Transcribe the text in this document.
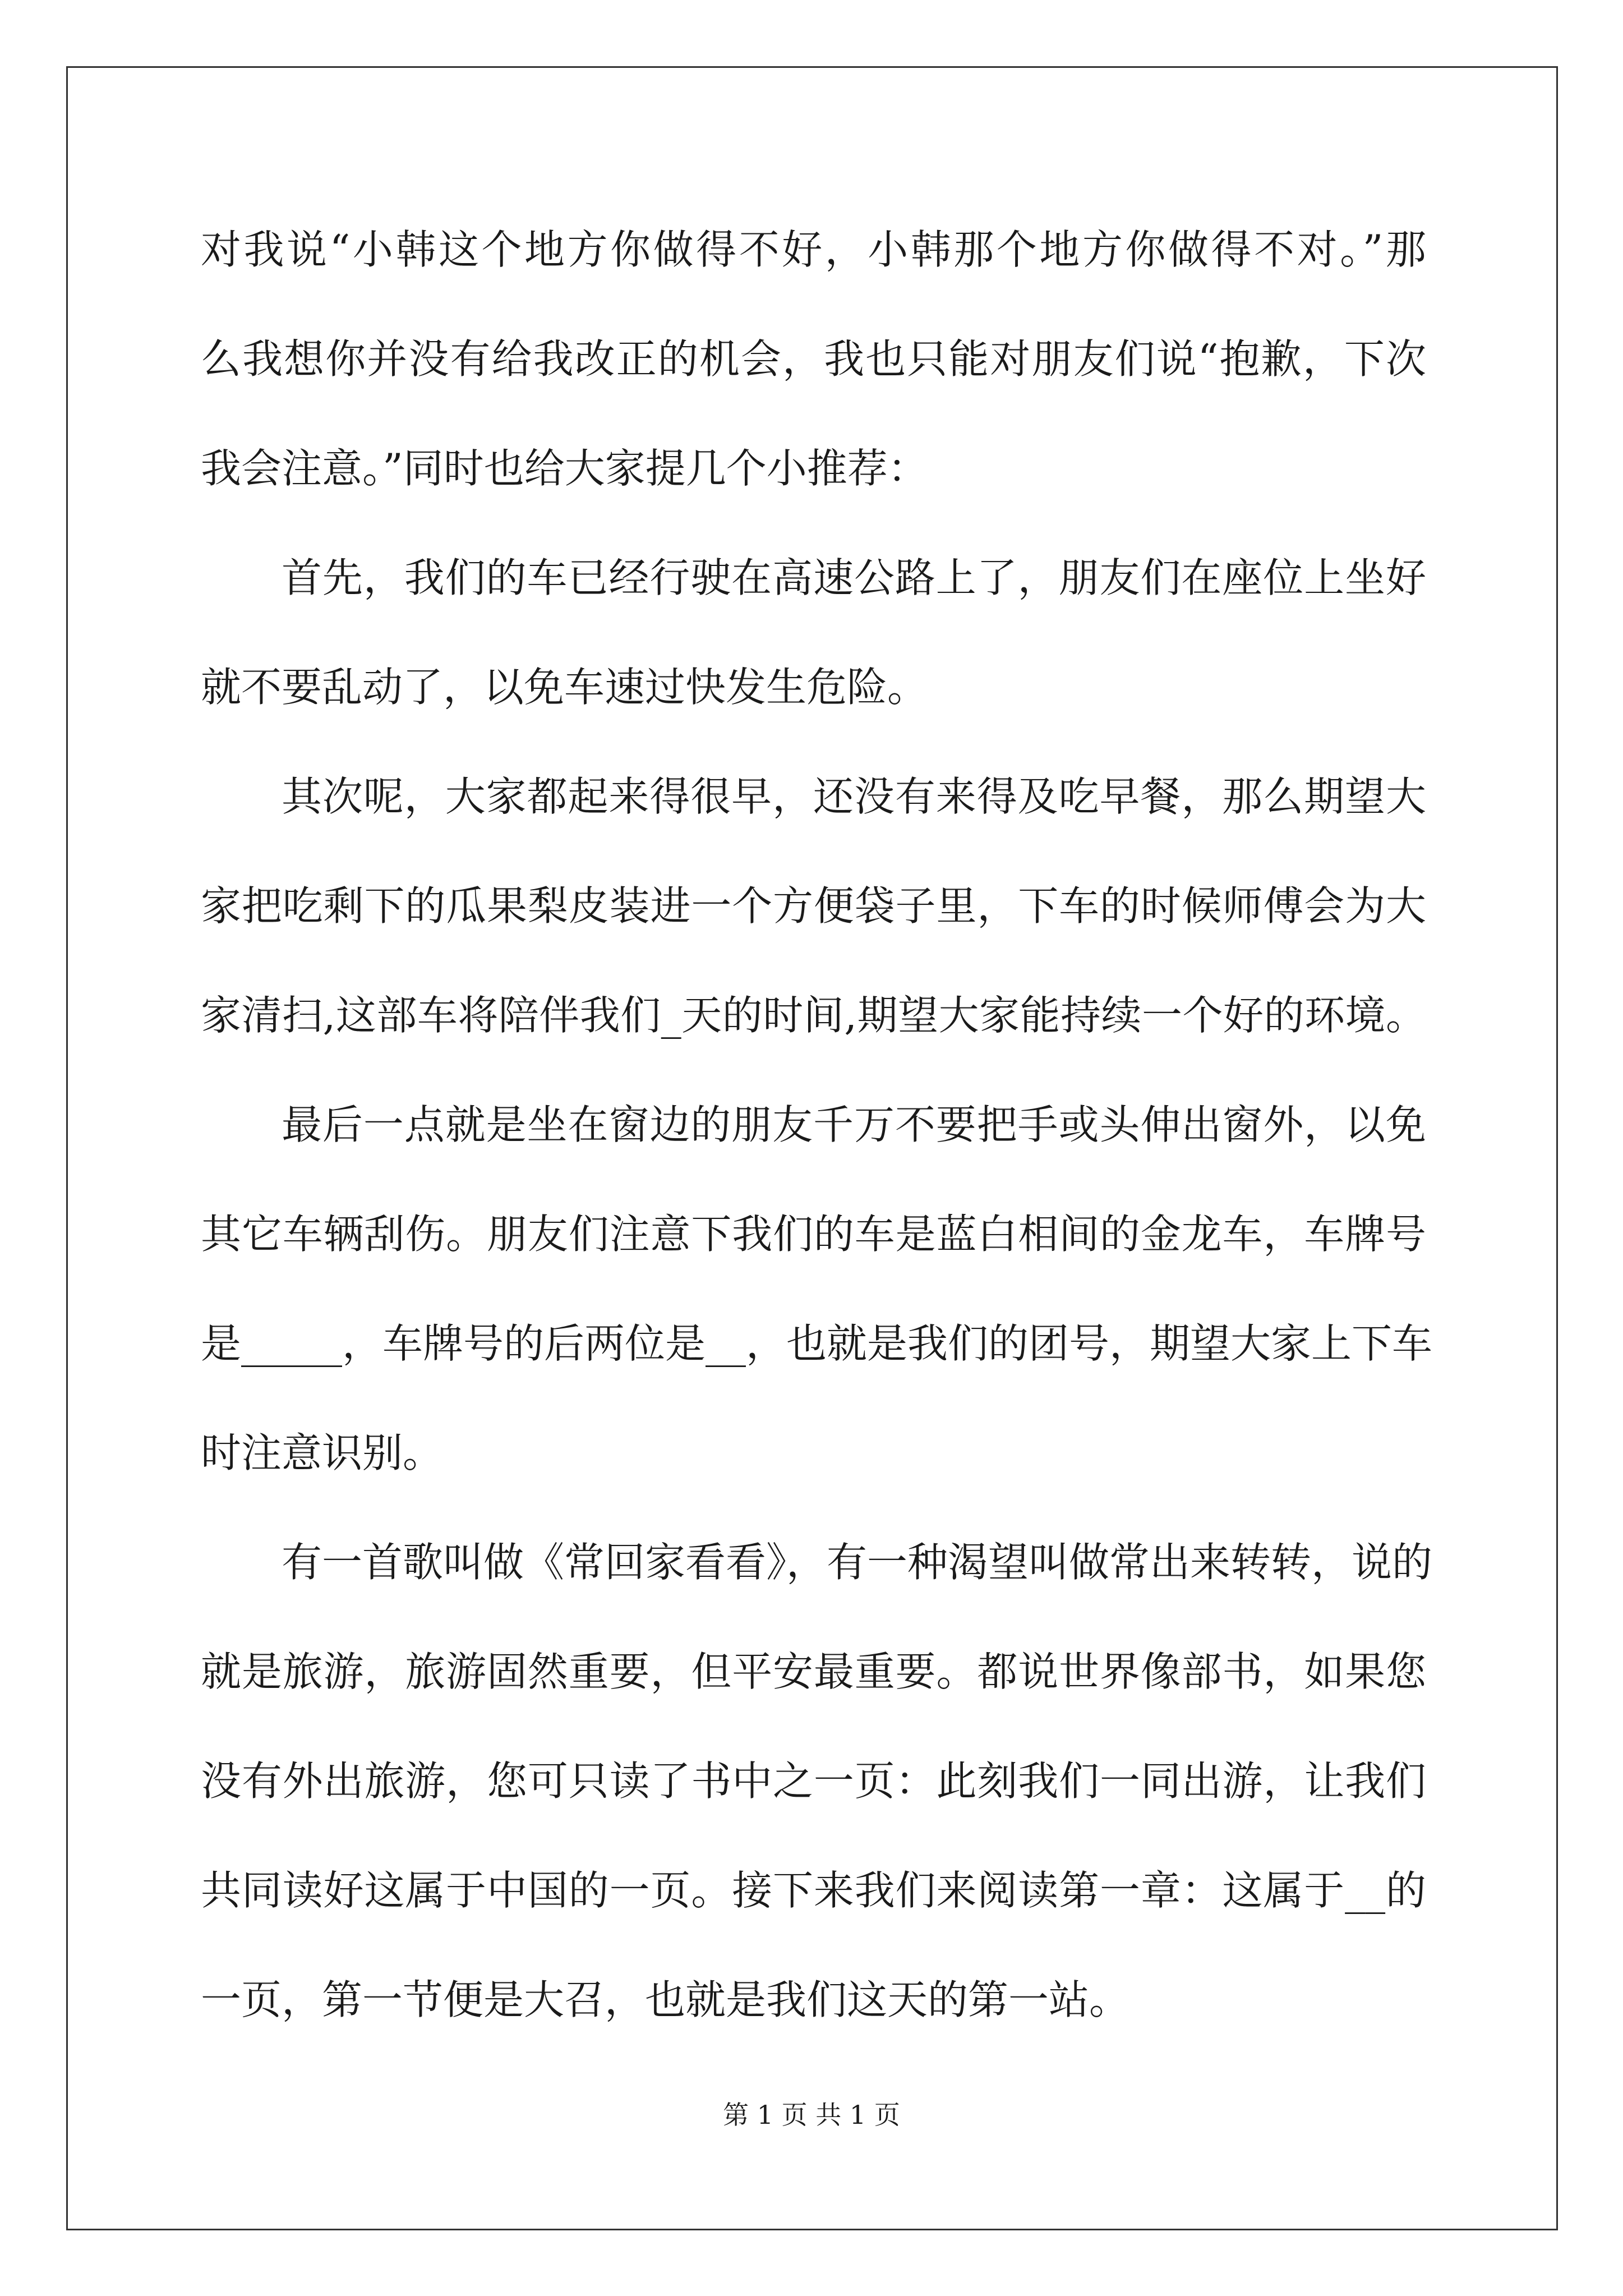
对我说“小韩这个地方你做得不好，小韩那个地方你做得不对。”那
么我想你并没有给我改正的机会，我也只能对朋友们说“抱歉，下次
我会注意。”同时也给大家提几个小推荐：
首先，我们的车已经行驶在高速公路上了，朋友们在座位上坐好
就不要乱动了，以免车速过快发生危险。
其次呢，大家都起来得很早，还没有来得及吃早餐，那么期望大
家把吃剩下的瓜果梨皮装进一个方便袋子里，下车的时候师傅会为大
家清扫,这部车将陪伴我们_天的时间,期望大家能持续一个好的环境。
最后一点就是坐在窗边的朋友千万不要把手或头伸出窗外，以免
其它车辆刮伤。朋友们注意下我们的车是蓝白相间的金龙车，车牌号
是_____，车牌号的后两位是__，也就是我们的团号，期望大家上下车
时注意识别。
有一首歌叫做《常回家看看》，有一种渴望叫做常出来转转，说的
就是旅游，旅游固然重要，但平安最重要。都说世界像部书，如果您
没有外出旅游，您可只读了书中之一页：此刻我们一同出游，让我们
共同读好这属于中国的一页。接下来我们来阅读第一章：这属于__的
一页，第一节便是大召，也就是我们这天的第一站。
第 1 页 共 1 页
